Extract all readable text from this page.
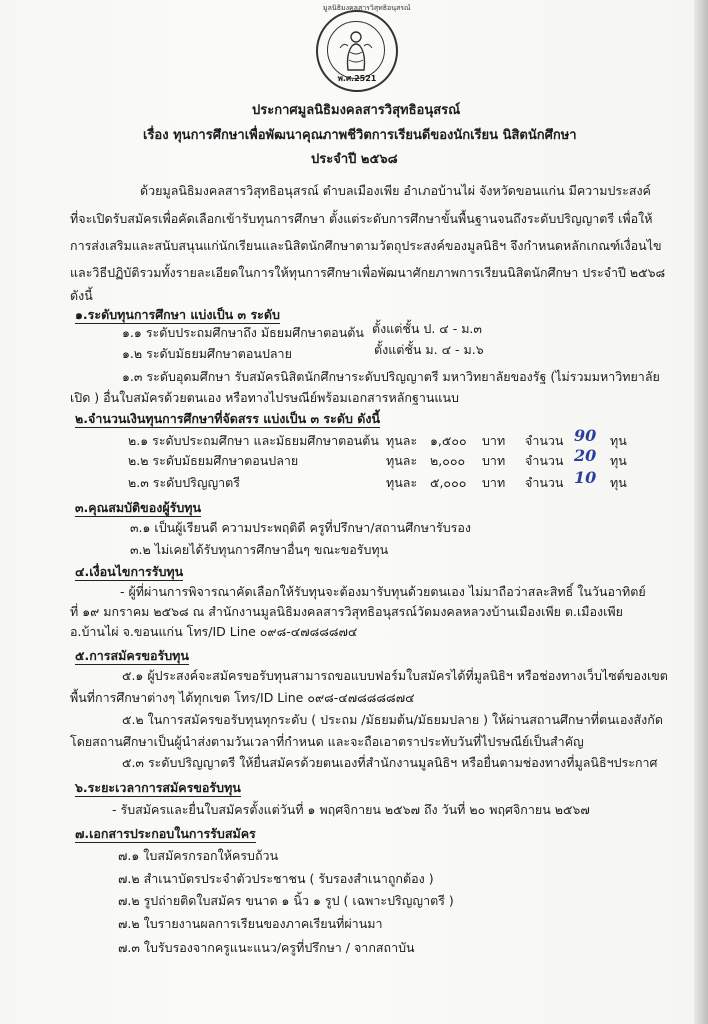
พ.ศ.2521
มูลนิธิมงคลสารวิสุทธิอนุสรณ์
ประกาศมูลนิธิมงคลสารวิสุทธิอนุสรณ์
เรื่อง ทุนการศึกษาเพื่อพัฒนาคุณภาพชีวิตการเรียนดีของนักเรียน นิสิตนักศึกษา
ประจำปี ๒๕๖๘
ด้วยมูลนิธิมงคลสารวิสุทธิอนุสรณ์ ตำบลเมืองเพีย อำเภอบ้านไผ่ จังหวัดขอนแก่น มีความประสงค์
ที่จะเปิดรับสมัครเพื่อคัดเลือกเข้ารับทุนการศึกษา ตั้งแต่ระดับการศึกษาขั้นพื้นฐานจนถึงระดับปริญญาตรี เพื่อให้
การส่งเสริมและสนับสนุนแก่นักเรียนและนิสิตนักศึกษาตามวัตถุประสงค์ของมูลนิธิฯ จึงกำหนดหลักเกณฑ์เงื่อนไข
และวิธีปฏิบัติรวมทั้งรายละเอียดในการให้ทุนการศึกษาเพื่อพัฒนาศักยภาพการเรียนนิสิตนักศึกษา ประจำปี ๒๕๖๘
ดังนี้
๑.ระดับทุนการศึกษา แบ่งเป็น ๓ ระดับ
๑.๑ ระดับประถมศึกษาถึง มัธยมศึกษาตอนต้น ตั้งแต่ชั้น ป. ๔ - ม.๓
๑.๒ ระดับมัธยมศึกษาตอนปลาย	ตั้งแต่ชั้น ม. ๔ - ม.๖
๑.๓ ระดับอุดมศึกษา รับสมัครนิสิตนักศึกษาระดับปริญญาตรี มหาวิทยาลัยของรัฐ (ไม่รวมมหาวิทยาลัย
เปิด ) อื่นใบสมัครด้วยตนเอง หรือทางไปรษณีย์พร้อมเอกสารหลักฐานแนบ
๒.จำนวนเงินทุนการศึกษาที่จัดสรร แบ่งเป็น ๓ ระดับ ดังนี้
๒.๑ ระดับประถมศึกษา และมัธยมศึกษาตอนต้น ทุนละ ๑,๕๐๐ บาท จำนวน 90 ทุน
๒.๒ ระดับมัธยมศึกษาตอนปลาย	ทุนละ ๒,๐๐๐ บาท จำนวน 20 ทุน
๒.๓ ระดับปริญญาตรี	ทุนละ ๕,๐๐๐ บาท จำนวน 10 ทุน
๓.คุณสมบัติของผู้รับทุน
๓.๑ เป็นผู้เรียนดี ความประพฤติดี ครูที่ปรึกษา/สถานศึกษารับรอง
๓.๒ ไม่เคยได้รับทุนการศึกษาอื่นๆ ขณะขอรับทุน
๔.เงื่อนไขการรับทุน
- ผู้ที่ผ่านการพิจารณาคัดเลือกให้รับทุนจะต้องมารับทุนด้วยตนเอง ไม่มาถือว่าสละสิทธิ์ ในวันอาทิตย์
ที่ ๑๙ มกราคม ๒๕๖๘ ณ สำนักงานมูลนิธิมงคลสารวิสุทธิอนุสรณ์วัดมงคลหลวงบ้านเมืองเพีย ต.เมืองเพีย
อ.บ้านไผ่ จ.ขอนแก่น โทร/ID Line ๐๙๘-๔๗๘๘๘๗๔
๕.การสมัครขอรับทุน
๕.๑ ผู้ประสงค์จะสมัครขอรับทุนสามารถขอแบบฟอร์มใบสมัครได้ที่มูลนิธิฯ หรือช่องทางเว็บไซต์ของเขต
พื้นที่การศึกษาต่างๆ ได้ทุกเขต โทร/ID Line ๐๙๘-๔๗๘๘๘๘๗๔
๕.๒ ในการสมัครขอรับทุนทุกระดับ ( ประถม /มัธยมต้น/มัธยมปลาย ) ให้ผ่านสถานศึกษาที่ตนเองสังกัด
โดยสถานศึกษาเป็นผู้นำส่งตามวันเวลาที่กำหนด และจะถือเอาตราประทับวันที่ไปรษณีย์เป็นสำคัญ
๕.๓ ระดับปริญญาตรี ให้ยื่นสมัครด้วยตนเองที่สำนักงานมูลนิธิฯ หรือยื่นตามช่องทางที่มูลนิธิฯประกาศ
๖.ระยะเวลาการสมัครขอรับทุน
- รับสมัครและยื่นใบสมัครตั้งแต่วันที่ ๑ พฤศจิกายน ๒๕๖๗ ถึง วันที่ ๒๐ พฤศจิกายน ๒๕๖๗
๗.เอกสารประกอบในการรับสมัคร
๗.๑ ใบสมัครกรอกให้ครบถ้วน
๗.๒ สำเนาบัตรประจำตัวประชาชน ( รับรองสำเนาถูกต้อง )
๗.๒ รูปถ่ายติดใบสมัคร ขนาด ๑ นิ้ว ๑ รูป ( เฉพาะปริญญาตรี )
๗.๒ ใบรายงานผลการเรียนของภาคเรียนที่ผ่านมา
๗.๓ ใบรับรองจากครูแนะแนว/ครูที่ปรึกษา / จากสถาบัน
